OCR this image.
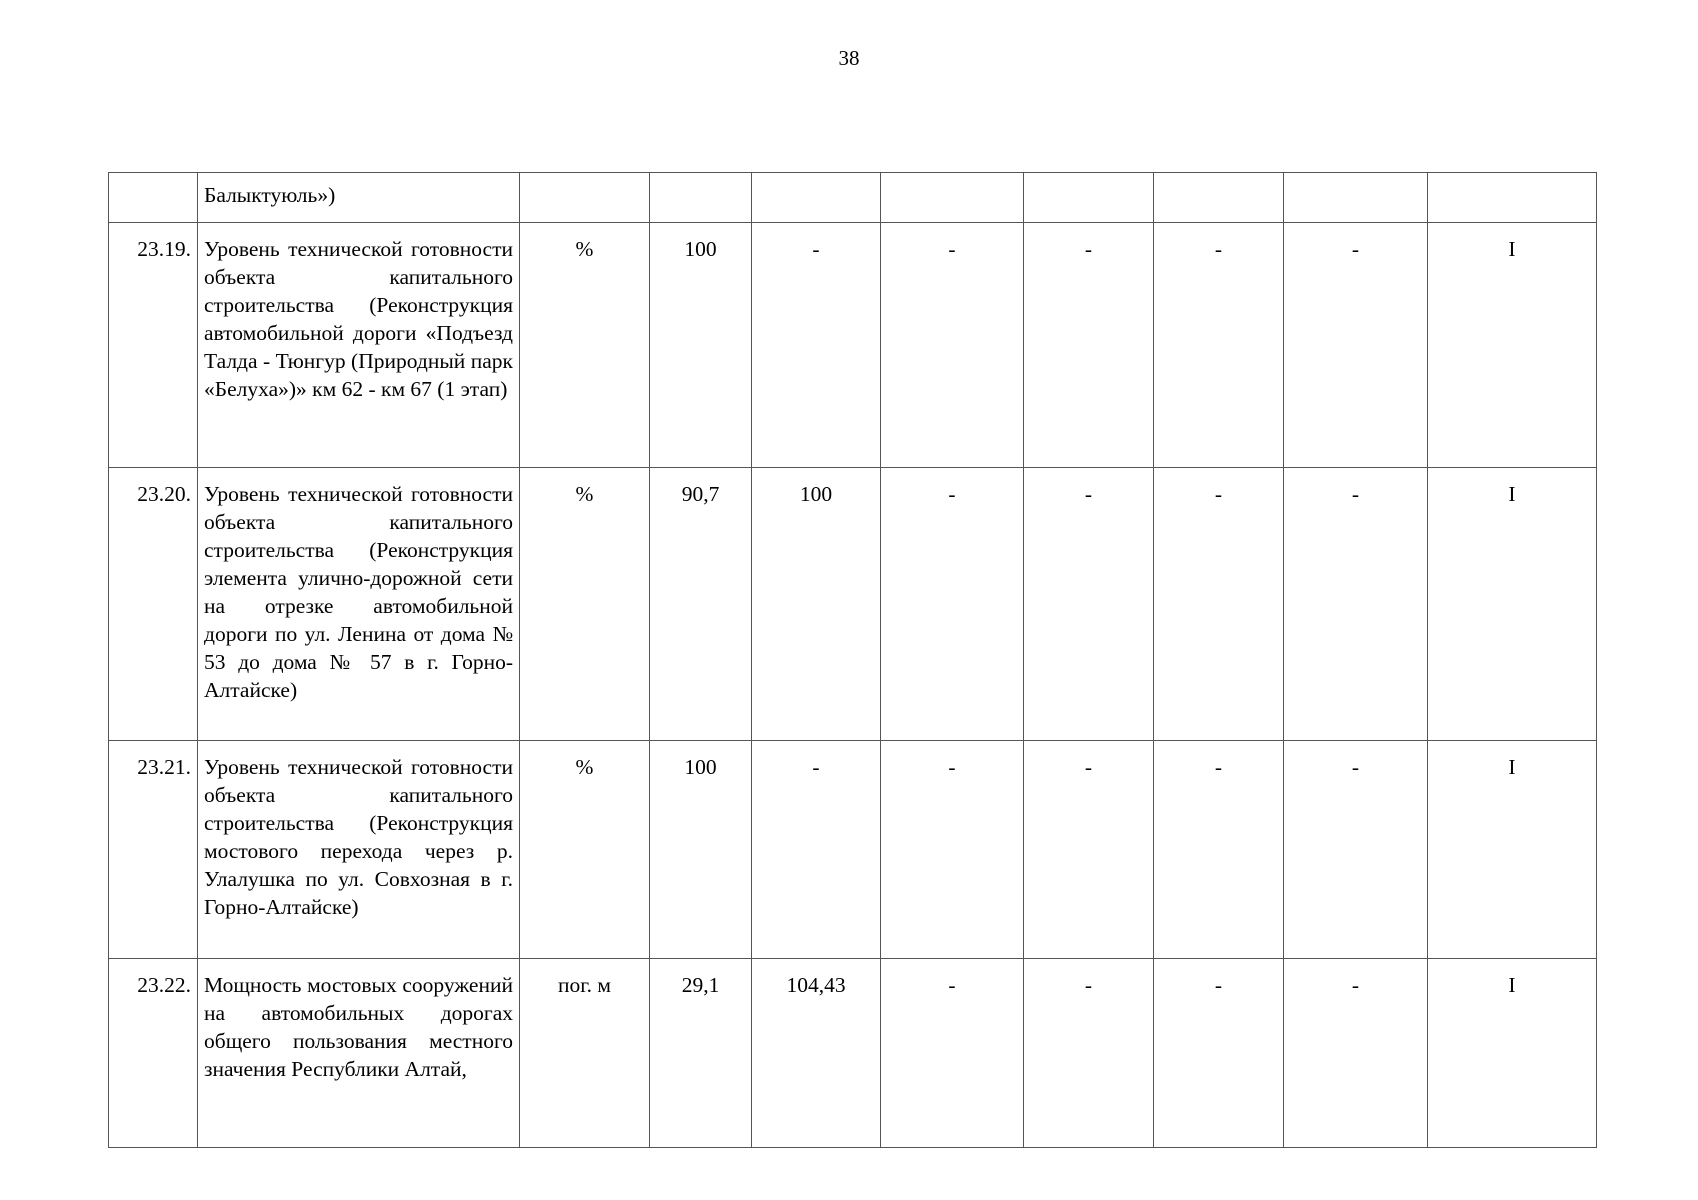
38
	Балыктуюль»)								
23.19.	Уровень технической готовности объекта капитального строительства (Реконструкция автомобильной дороги «Подъезд Талда - Тюнгур (Природный парк «Белуха»)» км 62 - км 67 (1 этап)	%	100	-	-	-	-	-	I
23.20.	Уровень технической готовности объекта капитального строительства (Реконструкция элемента улично-дорожной сети на отрезке автомобильной дороги по ул. Ленина от дома № 53 до дома № 57 в г. Горно-Алтайске)	%	90,7	100	-	-	-	-	I
23.21.	Уровень технической готовности объекта капитального строительства (Реконструкция мостового перехода через р. Улалушка по ул. Совхозная в г. Горно-Алтайске)	%	100	-	-	-	-	-	I
23.22.	Мощность мостовых сооружений на автомобильных дорогах общего пользования местного значения Республики Алтай,	пог. м	29,1	104,43	-	-	-	-	I
